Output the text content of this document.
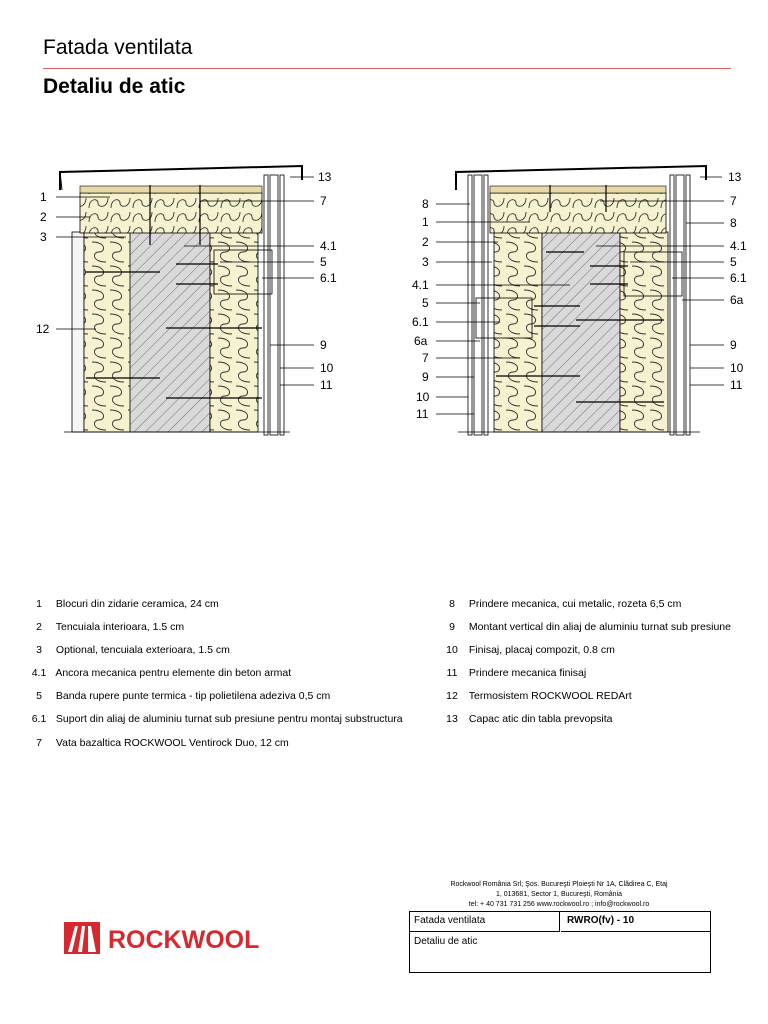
Fatada ventilata
Detaliu de atic
1
2
3
12
13
7
4.1
5
6.1
9
10
11
8
1
2
3
4.1
5
6.1
6a
7
9
10
11
13
7
8
4.1
5
6.1
6a
9
10
11
1 Blocuri din zidarie ceramica, 24 cm
2 Tencuiala interioara, 1.5 cm
3 Optional, tencuiala exterioara, 1.5 cm
4.1 Ancora mecanica pentru elemente din beton armat
5 Banda rupere punte termica - tip polietilena adeziva 0,5 cm
6.1 Suport din aliaj de aluminiu turnat sub presiune pentru montaj substructura
7 Vata bazaltica ROCKWOOL Ventirock Duo, 12 cm
8 Prindere mecanica, cui metalic, rozeta 6,5 cm
9 Montant vertical din aliaj de aluminiu turnat sub presiune
10 Finisaj, placaj compozit, 0.8 cm
11 Prindere mecanica finisaj
12 Termosistem ROCKWOOL REDArt
13 Capac atic din tabla prevopsita
Rockwool România Srl; Şos. Bucureşti Ploieşti Nr 1A, Clădirea C, Etaj
1, 013681, Sector 1, Bucureşti, România
tel: + 40 731 731 256 www.rockwool.ro ; info@rockwool.ro
Fatada ventilata	RWRO(fv) - 10
Detaliu de atic
ROCKWOOL
